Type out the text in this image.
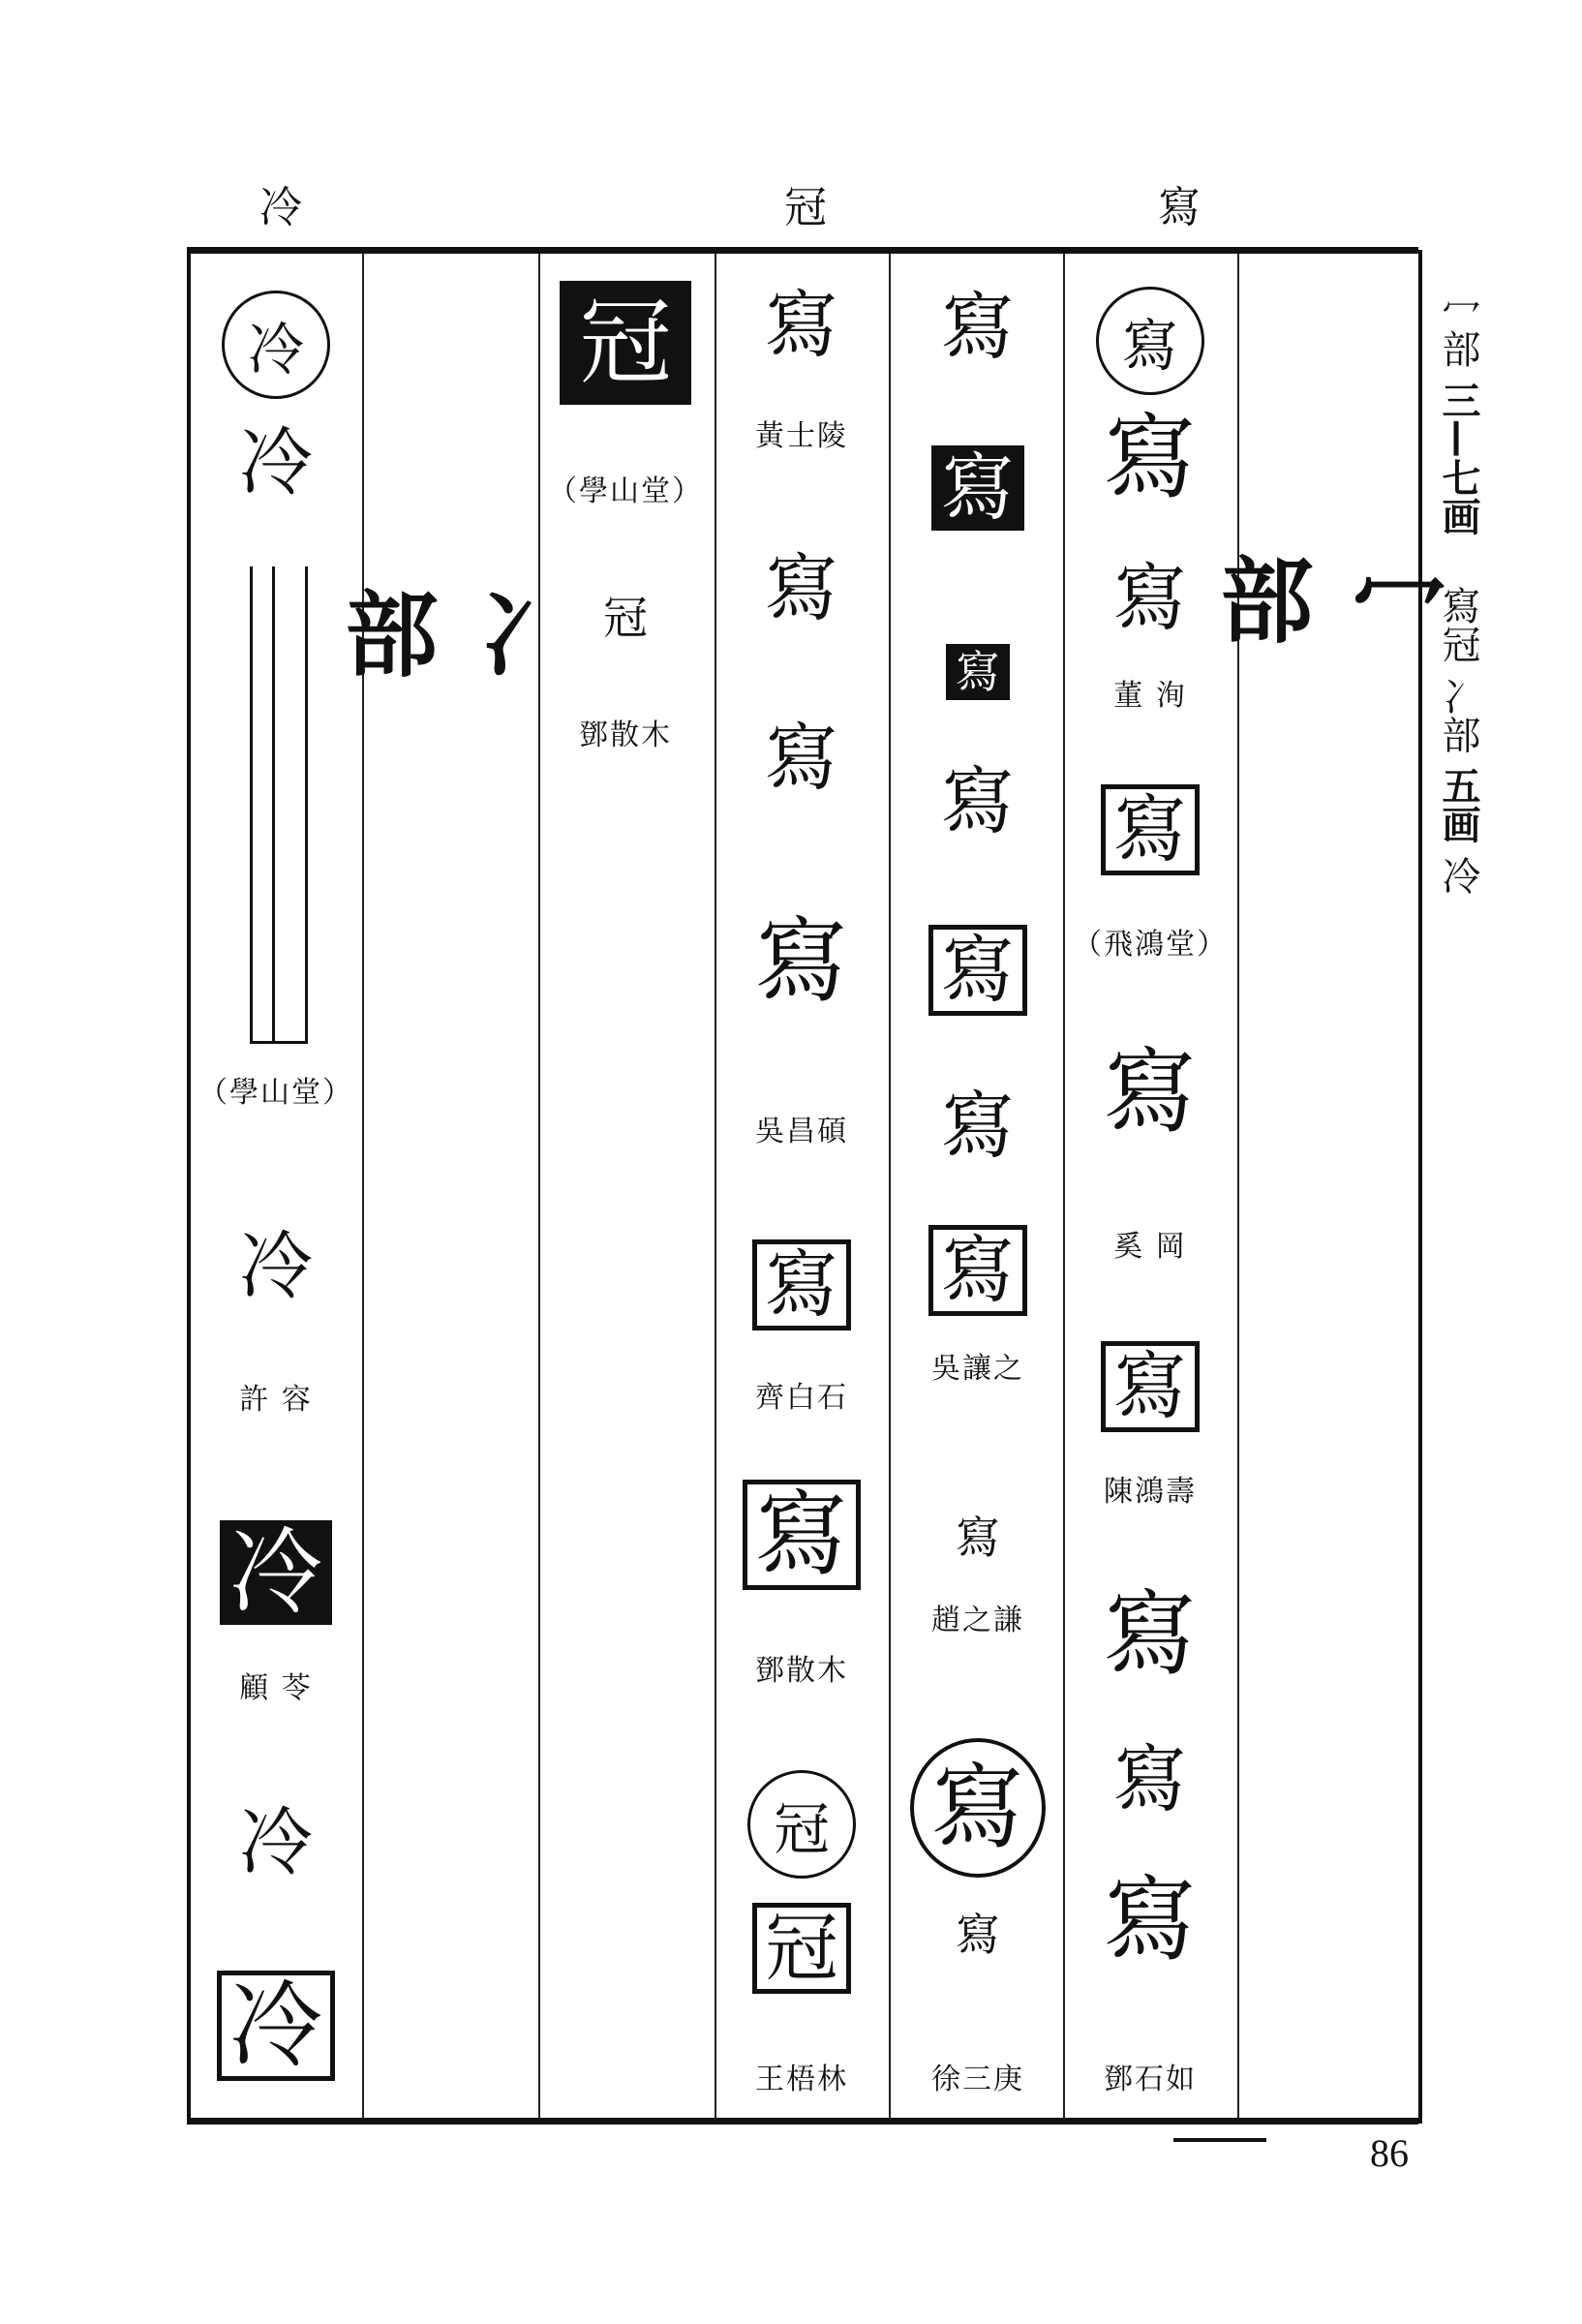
冷	冠	寫
冖
部
寫
寫
寫
董 洵
寫
（飛鴻堂）
寫
奚 岡
寫
陳鴻壽
寫
寫
寫
鄧石如
寫
寫
寫
寫
寫
寫
寫
吳讓之
寫
趙之謙
寫
寫
徐三庚
寫
黃士陵
寫
寫
寫
吳昌碩
寫
齊白石
寫
鄧散木
冠
冠
王梧林
冠
（學山堂）
冠
鄧散木
冫
部
冷
冷
（學山堂）
冷
許 容
冷
顧 苓
冷
冷
冖部 三—七画 寫冠 冫部 五画 冷
86
